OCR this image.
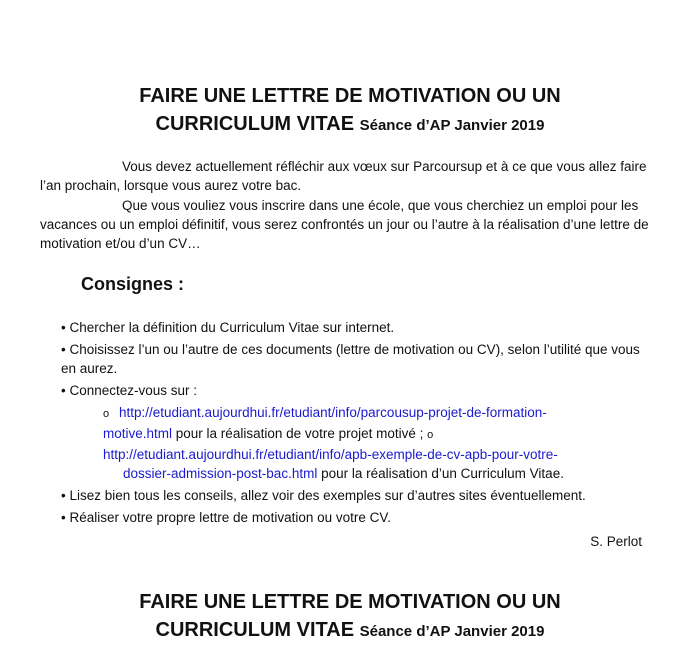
FAIRE UNE LETTRE DE MOTIVATION OU UN
CURRICULUM VITAE Séance d’AP Janvier 2019

Vous devez actuellement réfléchir aux vœux sur Parcoursup et à ce que vous allez faire l’an prochain, lorsque vous aurez votre bac.

Que vous vouliez vous inscrire dans une école, que vous cherchiez un emploi pour les vacances ou un emploi définitif, vous serez confrontés un jour ou l’autre à la réalisation d’une lettre de motivation et/ou d’un CV…

Consignes :

• Chercher la définition du Curriculum Vitae sur internet.

• Choisissez l’un ou l’autre de ces documents (lettre de motivation ou CV), selon l’utilité que vous en aurez.

• Connectez-vous sur :

o http://etudiant.aujourdhui.fr/etudiant/info/parcousup-projet-de-formation-
motive.html pour la réalisation de votre projet motivé ; o
http://etudiant.aujourdhui.fr/etudiant/info/apb-exemple-de-cv-apb-pour-votre-
dossier-admission-post-bac.html pour la réalisation d’un Curriculum Vitae.

• Lisez bien tous les conseils, allez voir des exemples sur d’autres sites éventuellement.

• Réaliser votre propre lettre de motivation ou votre CV.

S. Perlot

FAIRE UNE LETTRE DE MOTIVATION OU UN
CURRICULUM VITAE Séance d’AP Janvier 2019
